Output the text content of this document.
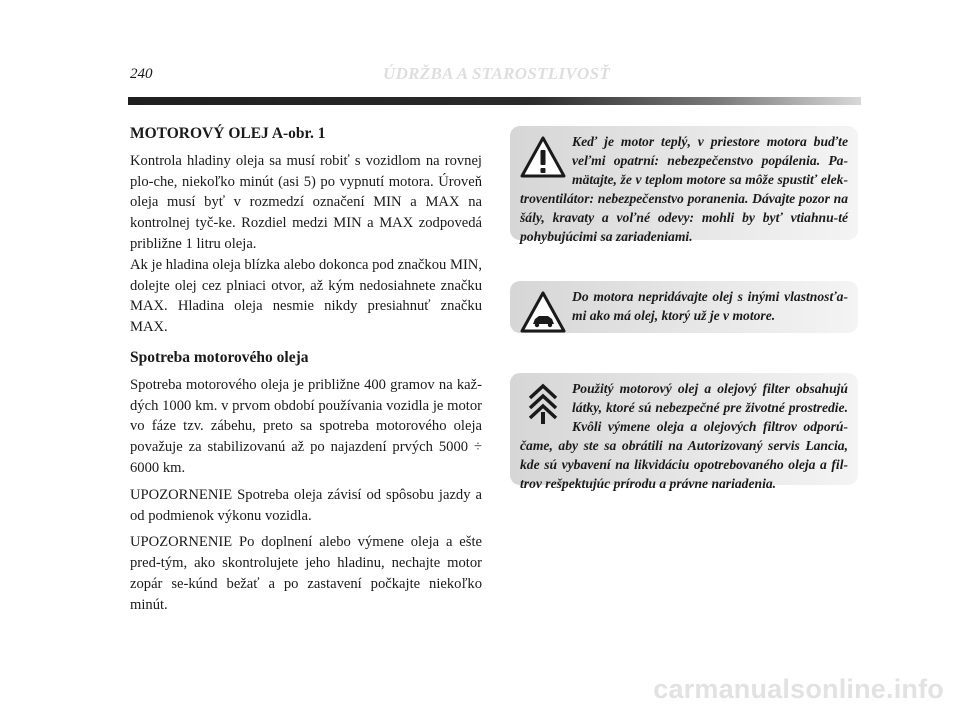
240	ÚDRŽBA A STAROSTLIVOSŤ
MOTOROVÝ OLEJ A-obr. 1

Kontrola hladiny oleja sa musí robiť s vozidlom na rovnej plo-che, niekoľko minút (asi 5) po vypnutí motora. Úroveň oleja musí byť v rozmedzí označení MIN a MAX na kontrolnej tyč-ke. Rozdiel medzi MIN a MAX zodpovedá približne 1 litru oleja.

Ak je hladina oleja blízka alebo dokonca pod značkou MIN, dolejte olej cez plniaci otvor, až kým nedosiahnete značku MAX. Hladina oleja nesmie nikdy presiahnuť značku MAX.

Spotreba motorového oleja

Spotreba motorového oleja je približne 400 gramov na kaž-dých 1000 km. v prvom období používania vozidla je motor vo fáze tzv. zábehu, preto sa spotreba motorového oleja považuje za stabilizovanú až po najazdení prvých 5000 ÷ 6000 km.

UPOZORNENIE Spotreba oleja závisí od spôsobu jazdy a od podmienok výkonu vozidla.

UPOZORNENIE Po doplnení alebo výmene oleja a ešte pred-tým, ako skontrolujete jeho hladinu, nechajte motor zopár se-kúnd bežať a po zastavení počkajte niekoľko minút.

Keď je motor teplý, v priestore motora buďte veľmi opatrní: nebezpečenstvo popálenia. Pa-mätajte, že v teplom motore sa môže spustiť elek-troventilátor: nebezpečenstvo poranenia. Dávajte pozor na šály, kravaty a voľné odevy: mohli by byť vtiahnu-té pohybujúcimi sa zariadeniami.

Do motora nepridávajte olej s inými vlastnosťa-mi ako má olej, ktorý už je v motore.

Použitý motorový olej a olejový filter obsahujú látky, ktoré sú nebezpečné pre životné prostredie. Kvôli výmene oleja a olejových filtrov odporú-čame, aby ste sa obrátili na Autorizovaný servis Lancia, kde sú vybavení na likvidáciu opotrebovaného oleja a fil-trov rešpektujúc prírodu a právne nariadenia.

carmanualsonline.info
